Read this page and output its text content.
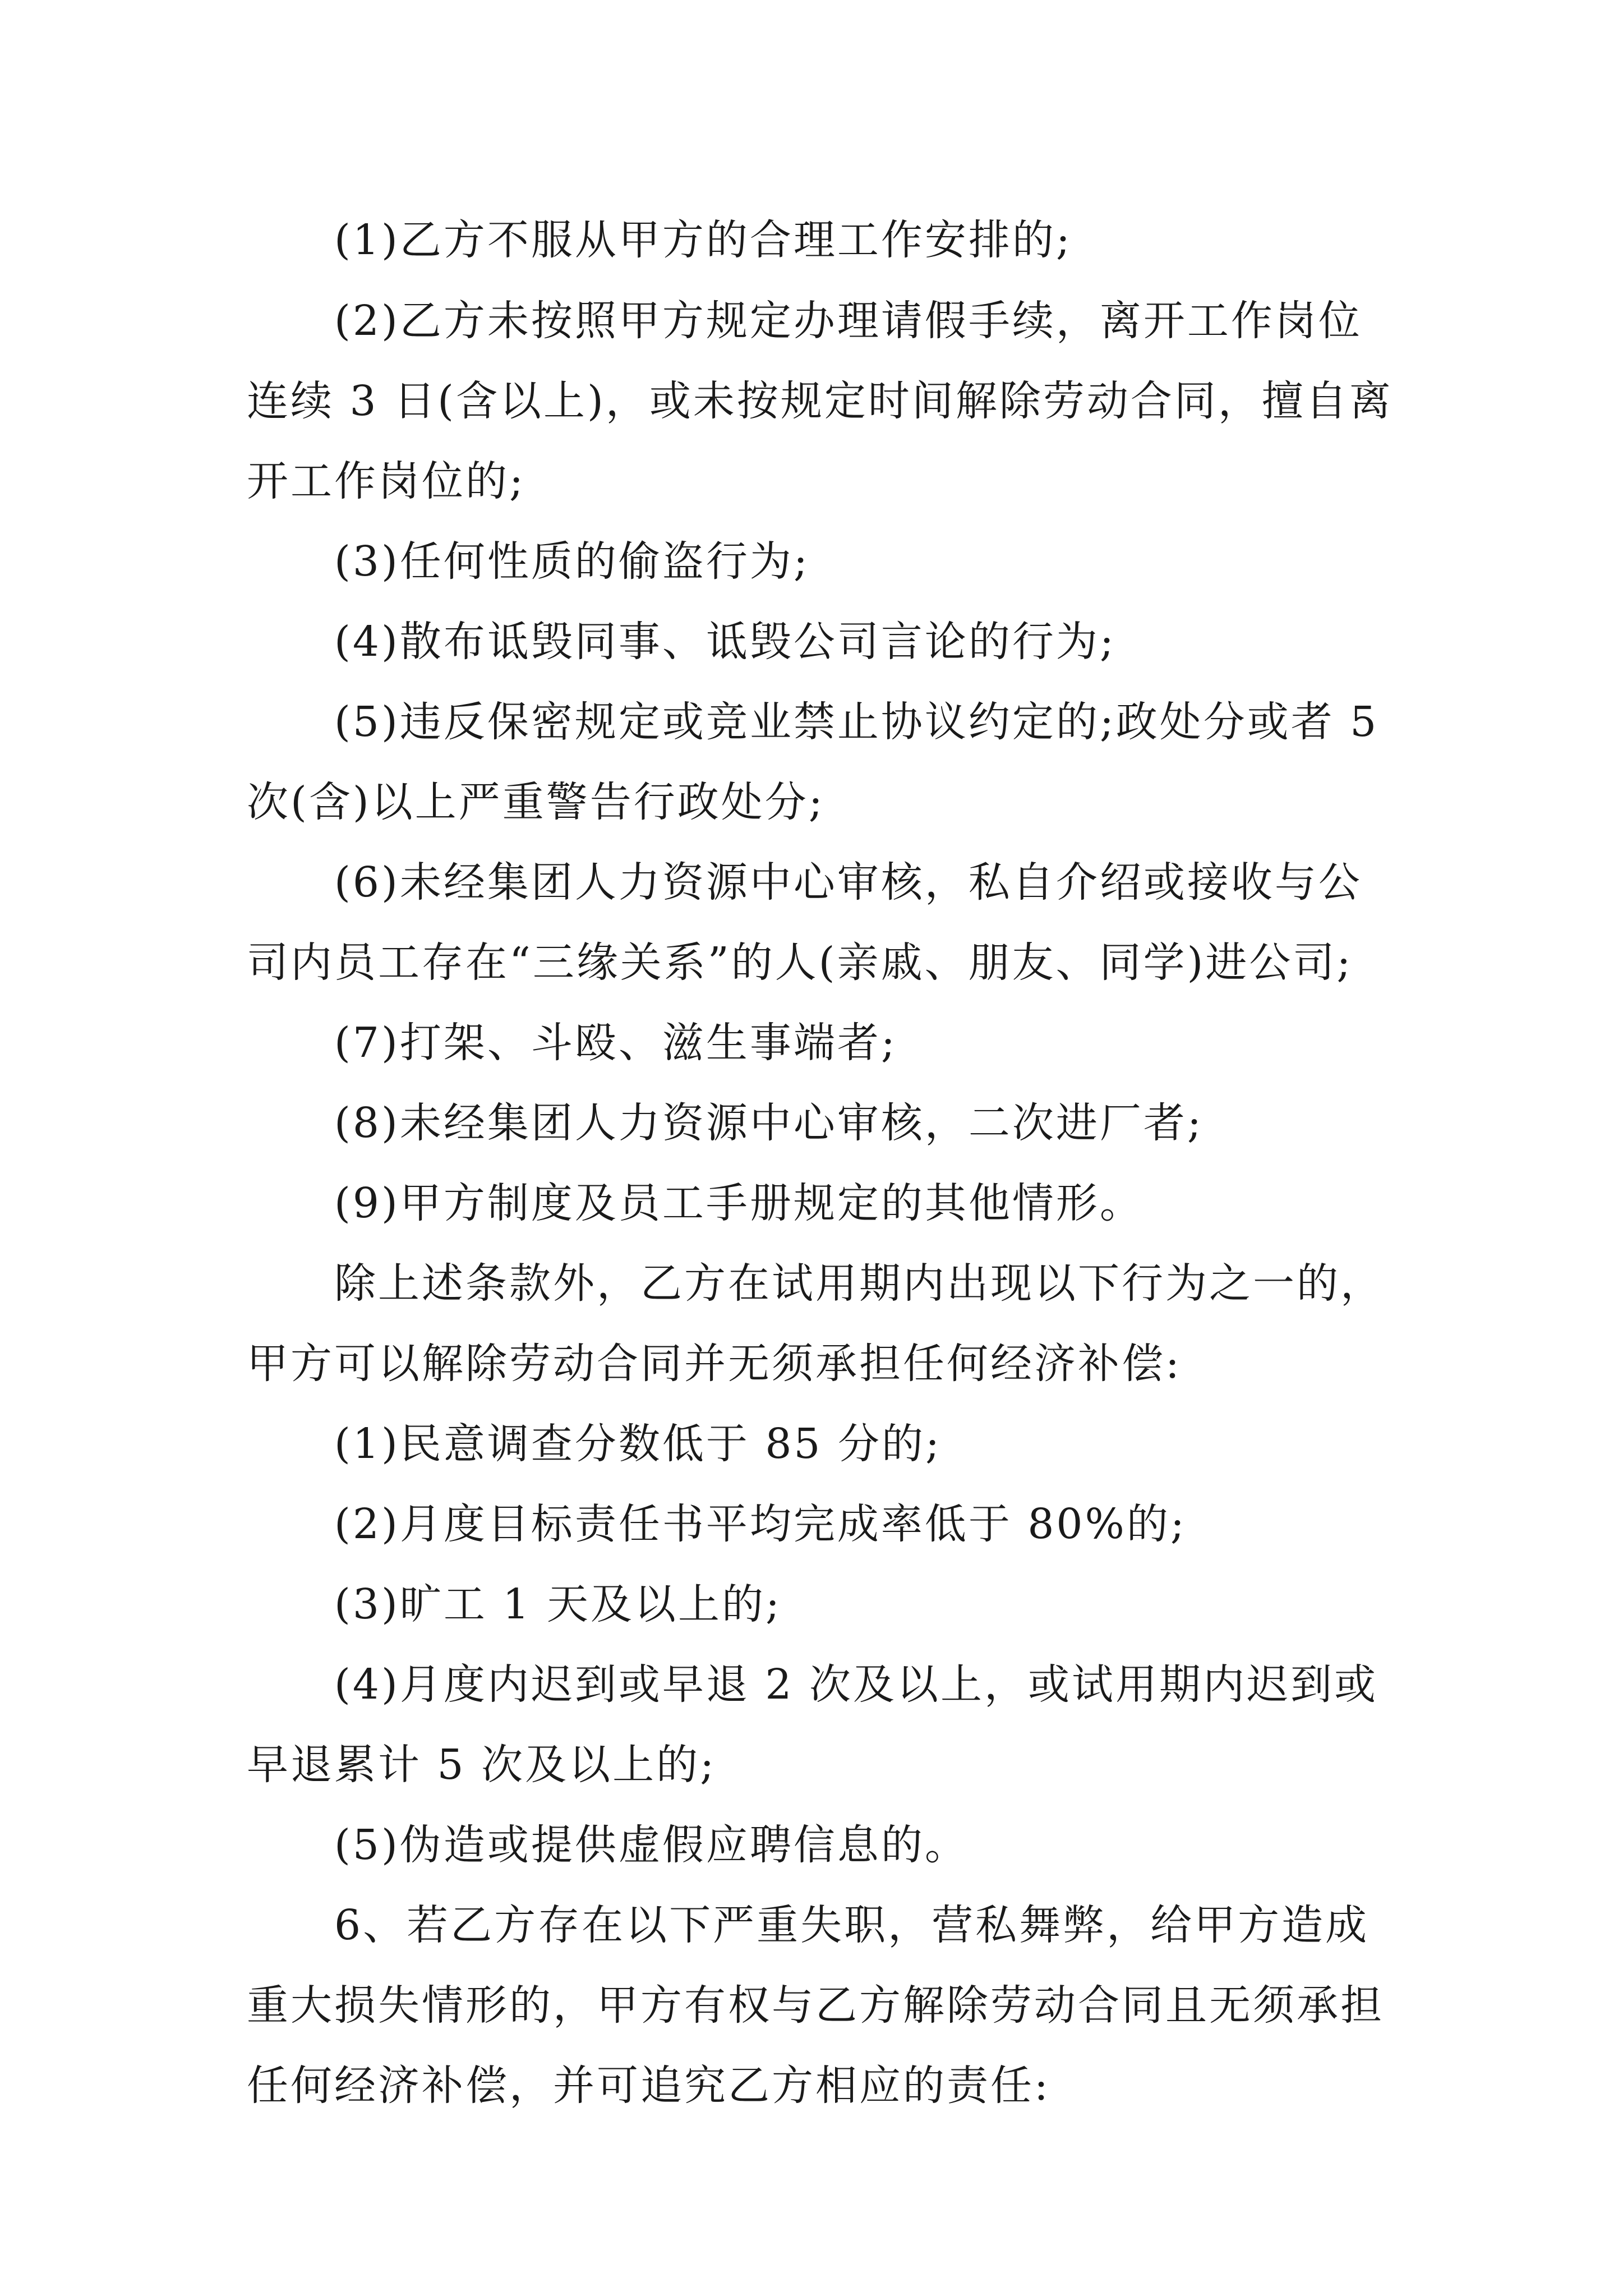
(1)乙方不服从甲方的合理工作安排的;
(2)乙方未按照甲方规定办理请假手续，离开工作岗位
连续 3 日(含以上)，或未按规定时间解除劳动合同，擅自离
开工作岗位的;
(3)任何性质的偷盗行为;
(4)散布诋毁同事、诋毁公司言论的行为;
(5)违反保密规定或竞业禁止协议约定的;政处分或者 5
次(含)以上严重警告行政处分;
(6)未经集团人力资源中心审核，私自介绍或接收与公
司内员工存在“三缘关系”的人(亲戚、朋友、同学)进公司;
(7)打架、斗殴、滋生事端者;
(8)未经集团人力资源中心审核，二次进厂者;
(9)甲方制度及员工手册规定的其他情形。
除上述条款外，乙方在试用期内出现以下行为之一的，
甲方可以解除劳动合同并无须承担任何经济补偿:
(1)民意调查分数低于 85 分的;
(2)月度目标责任书平均完成率低于 80%的;
(3)旷工 1 天及以上的;
(4)月度内迟到或早退 2 次及以上，或试用期内迟到或
早退累计 5 次及以上的;
(5)伪造或提供虚假应聘信息的。
6、若乙方存在以下严重失职，营私舞弊，给甲方造成
重大损失情形的，甲方有权与乙方解除劳动合同且无须承担
任何经济补偿，并可追究乙方相应的责任:
